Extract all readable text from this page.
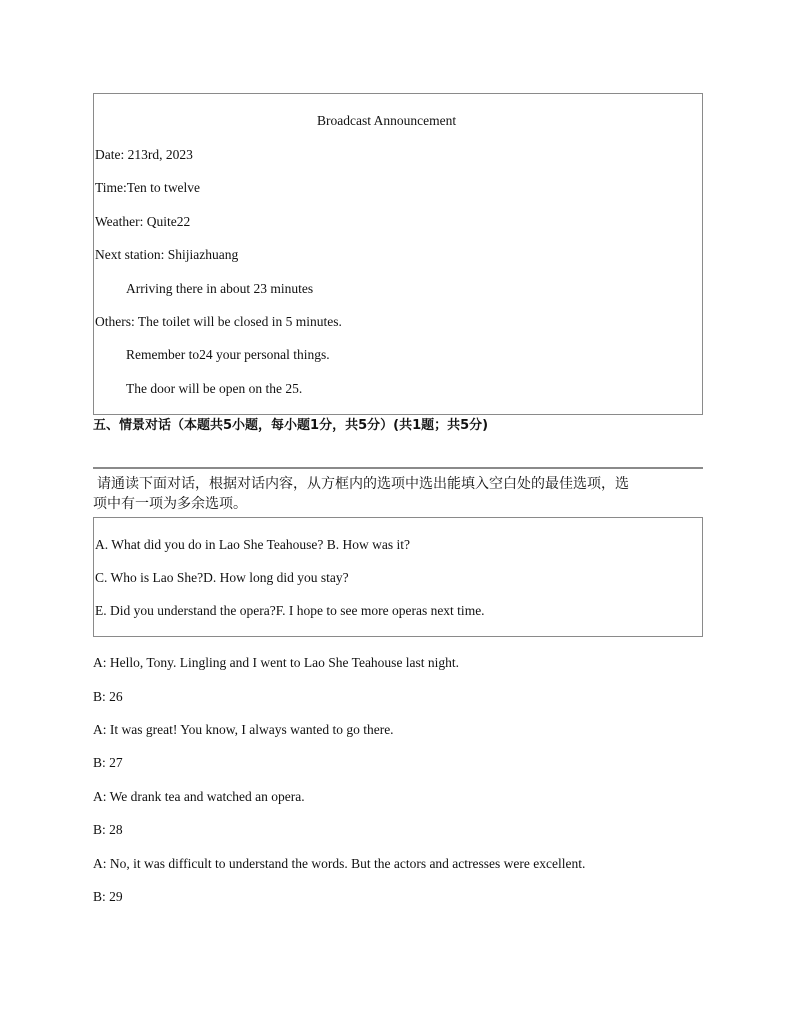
Broadcast Announcement
Date: 213rd, 2023
Time:Ten to twelve
Weather: Quite22
Next station: Shijiazhuang
Arriving there in about 23 minutes
Others: The toilet will be closed in 5 minutes.
Remember to24 your personal things.
The door will be open on the 25.
五、情景对话（本题共5小题，每小题1分，共5分）(共1题；共5分)
请通读下面对话，根据对话内容，从方框内的选项中选出能填入空白处的最佳选项，选
项中有一项为多余选项。
A. What did you do in Lao She Teahouse? B. How was it?
C. Who is Lao She?D. How long did you stay?
E. Did you understand the opera?F. I hope to see more operas next time.
A: Hello, Tony. Lingling and I went to Lao She Teahouse last night.
B: 26
A: It was great! You know, I always wanted to go there.
B: 27
A: We drank tea and watched an opera.
B: 28
A: No, it was difficult to understand the words. But the actors and actresses were excellent.
B: 29
